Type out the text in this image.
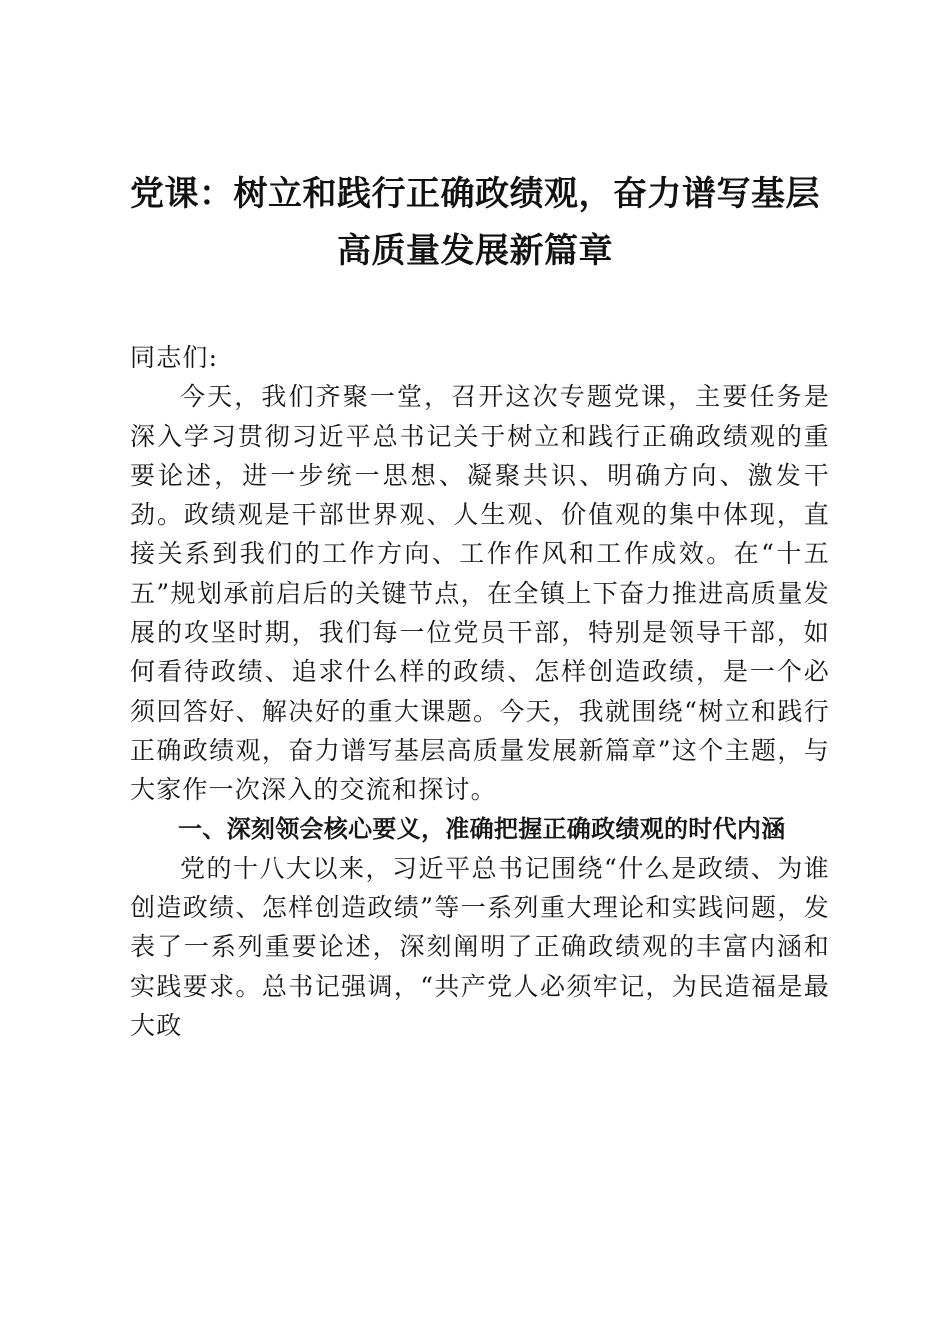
党课：树立和践行正确政绩观，奋力谱写基层
高质量发展新篇章

同志们:

今天，我们齐聚一堂，召开这次专题党课，主要任务是深入学习贯彻习近平总书记关于树立和践行正确政绩观的重要论述，进一步统一思想、凝聚共识、明确方向、激发干劲。政绩观是干部世界观、人生观、价值观的集中体现，直接关系到我们的工作方向、工作作风和工作成效。在“十五五”规划承前启后的关键节点，在全镇上下奋力推进高质量发展的攻坚时期，我们每一位党员干部，特别是领导干部，如何看待政绩、追求什么样的政绩、怎样创造政绩，是一个必须回答好、解决好的重大课题。今天，我就围绕“树立和践行正确政绩观，奋力谱写基层高质量发展新篇章”这个主题，与大家作一次深入的交流和探讨。

一、深刻领会核心要义，准确把握正确政绩观的时代内涵

党的十八大以来，习近平总书记围绕“什么是政绩、为谁创造政绩、怎样创造政绩”等一系列重大理论和实践问题，发表了一系列重要论述，深刻阐明了正确政绩观的丰富内涵和实践要求。总书记强调，“共产党人必须牢记，为民造福是最大政
